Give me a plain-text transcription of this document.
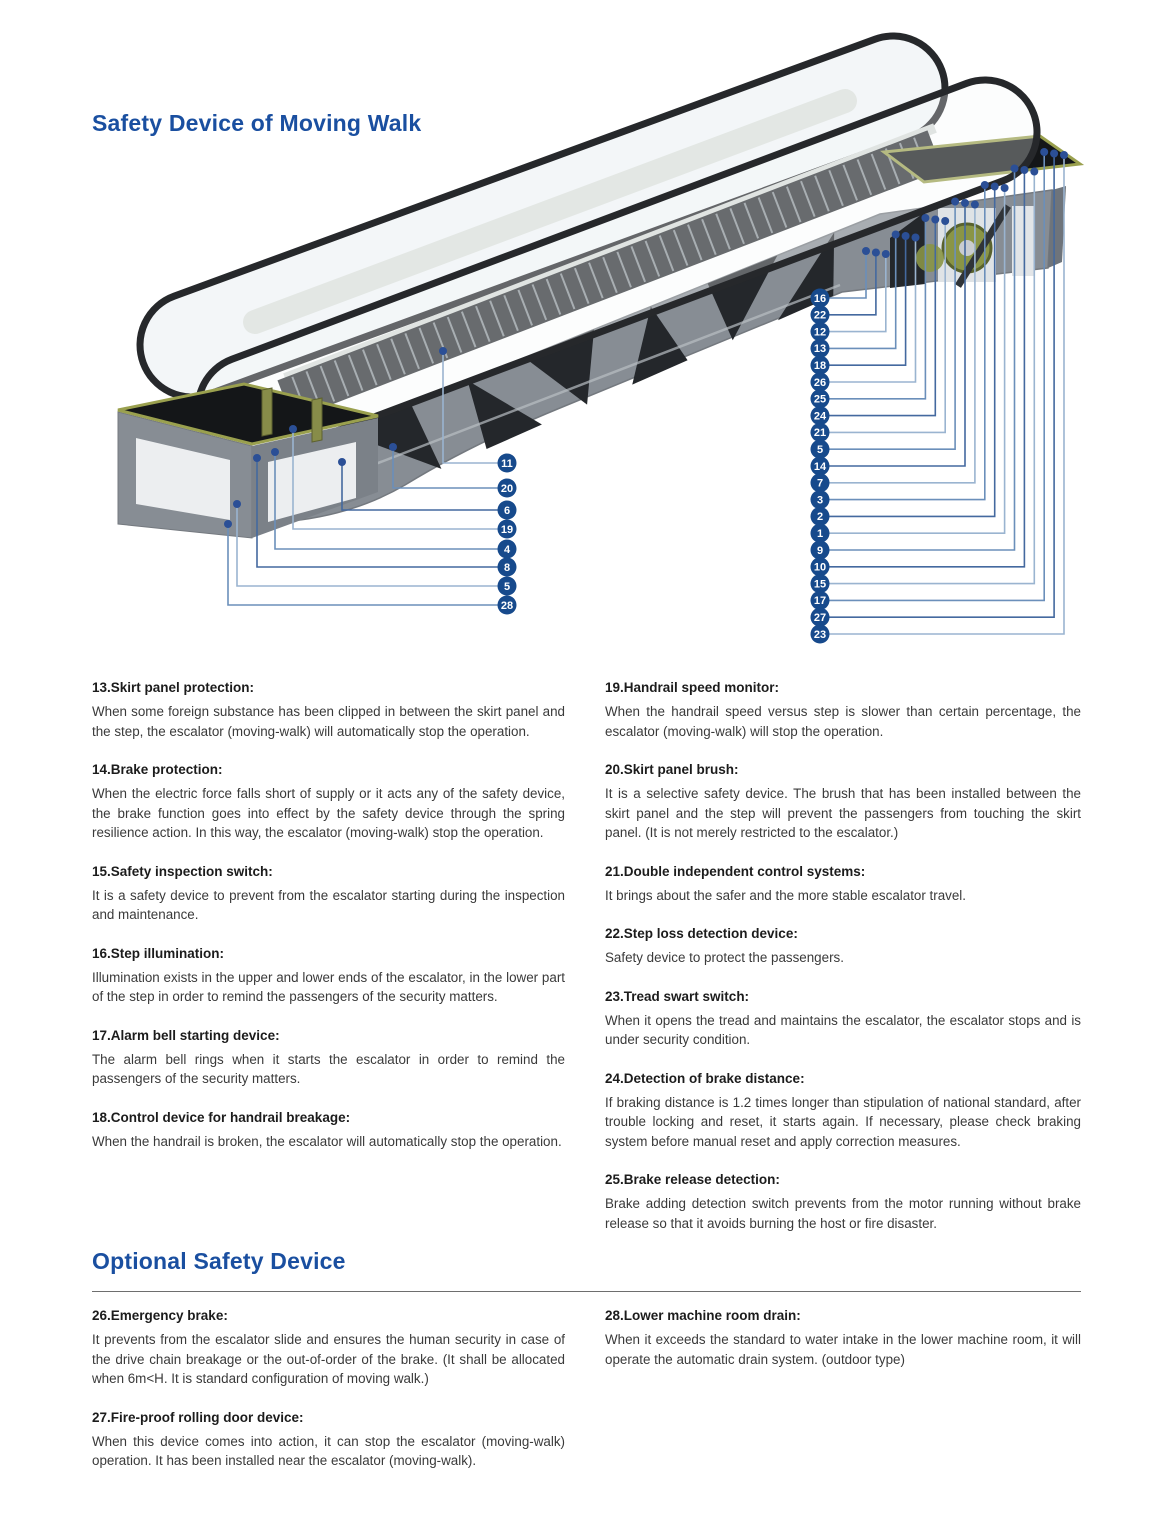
11
20
6
19
4
8
5
28
16
22
12
13
18
26
25
24
21
5
14
7
3
2
1
9
10
15
17
27
23
Safety Device of Moving Walk
13.Skirt panel protection:

When some foreign substance has been clipped in between the skirt panel and the step, the escalator (moving-walk) will automatically stop the operation.

14.Brake protection:

When the electric force falls short of supply or it acts any of the safety device, the brake function goes into effect by the safety device through the spring resilience action. In this way, the escalator (moving-walk) stop the operation.

15.Safety inspection switch:

It is a safety device to prevent from the escalator starting during the inspection and maintenance.

16.Step illumination:

Illumination exists in the upper and lower ends of the escalator, in the lower part of the step in order to remind the passengers of the security matters.

17.Alarm bell starting device:

The alarm bell rings when it starts the escalator in order to remind the passengers of the security matters.

18.Control device for handrail breakage:

When the handrail is broken, the escalator will automatically stop the operation.

19.Handrail speed monitor:

When the handrail speed versus step is slower than certain percentage, the escalator (moving-walk) will stop the operation.

20.Skirt panel brush:

It is a selective safety device. The brush that has been installed between the skirt panel and the step will prevent the passengers from touching the skirt panel. (It is not merely restricted to the escalator.)

21.Double independent control systems:

It brings about the safer and the more stable escalator travel.

22.Step loss detection device:

Safety device to protect the passengers.

23.Tread swart switch:

When it opens the tread and maintains the escalator, the escalator stops and is under security condition.

24.Detection of brake distance:

If braking distance is 1.2 times longer than stipulation of national standard, after trouble locking and reset, it starts again. If necessary, please check braking system before manual reset and apply correction measures.

25.Brake release detection:

Brake adding detection switch prevents from the motor running without brake release so that it avoids burning the host or fire disaster.

Optional Safety Device
26.Emergency brake:

It prevents from the escalator slide and ensures the human security in case of the drive chain breakage or the out-of-order of the brake. (It shall be allocated when 6m<H. It is standard configuration of moving walk.)

27.Fire-proof rolling door device:

When this device comes into action, it can stop the escalator (moving-walk) operation. It has been installed near the escalator (moving-walk).

28.Lower machine room drain:

When it exceeds the standard to water intake in the lower machine room, it will operate the automatic drain system. (outdoor type)
